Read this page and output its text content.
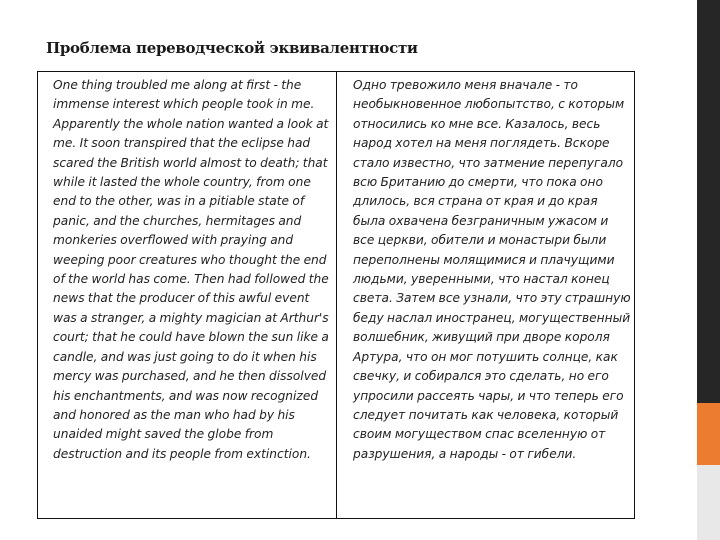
Проблема переводческой эквивалентности
One thing troubled me along at first - the immense interest which people took in me. Apparently the whole nation wanted a look at me. It soon transpired that the eclipse had scared the British world almost to death; that while it lasted the whole country, from one end to the other, was in a pitiable state of panic, and the churches, hermitages and monkeries overflowed with praying and weeping poor creatures who thought the end of the world has come. Then had followed the news that the producer of this awful event was a stranger, a mighty magician at Arthur's court; that he could have blown the sun like a candle, and was just going to do it when his mercy was purchased, and he then dissolved his enchantments, and was now recognized and honored as the man who had by his unaided might saved the globe from destruction and its people from extinction.
Одно тревожило меня вначале - то необыкновенное любопытство, с которым относились ко мне все. Казалось, весь народ хотел на меня поглядеть. Вскоре стало известно, что затмение перепугало всю Британию до смерти, что пока оно длилось, вся страна от края и до края была охвачена безграничным ужасом и все церкви, обители и монастыри были переполнены молящимися и плачущими людьми, уверенными, что настал конец света. Затем все узнали, что эту страшную беду наслал иностранец, могущественный волшебник, живущий при дворе короля Артура, что он мог потушить солнце, как свечку, и собирался это сделать, но его упросили рассеять чары, и что теперь его следует почитать как человека, который своим могуществом спас вселенную от разрушения, а народы - от гибели.
